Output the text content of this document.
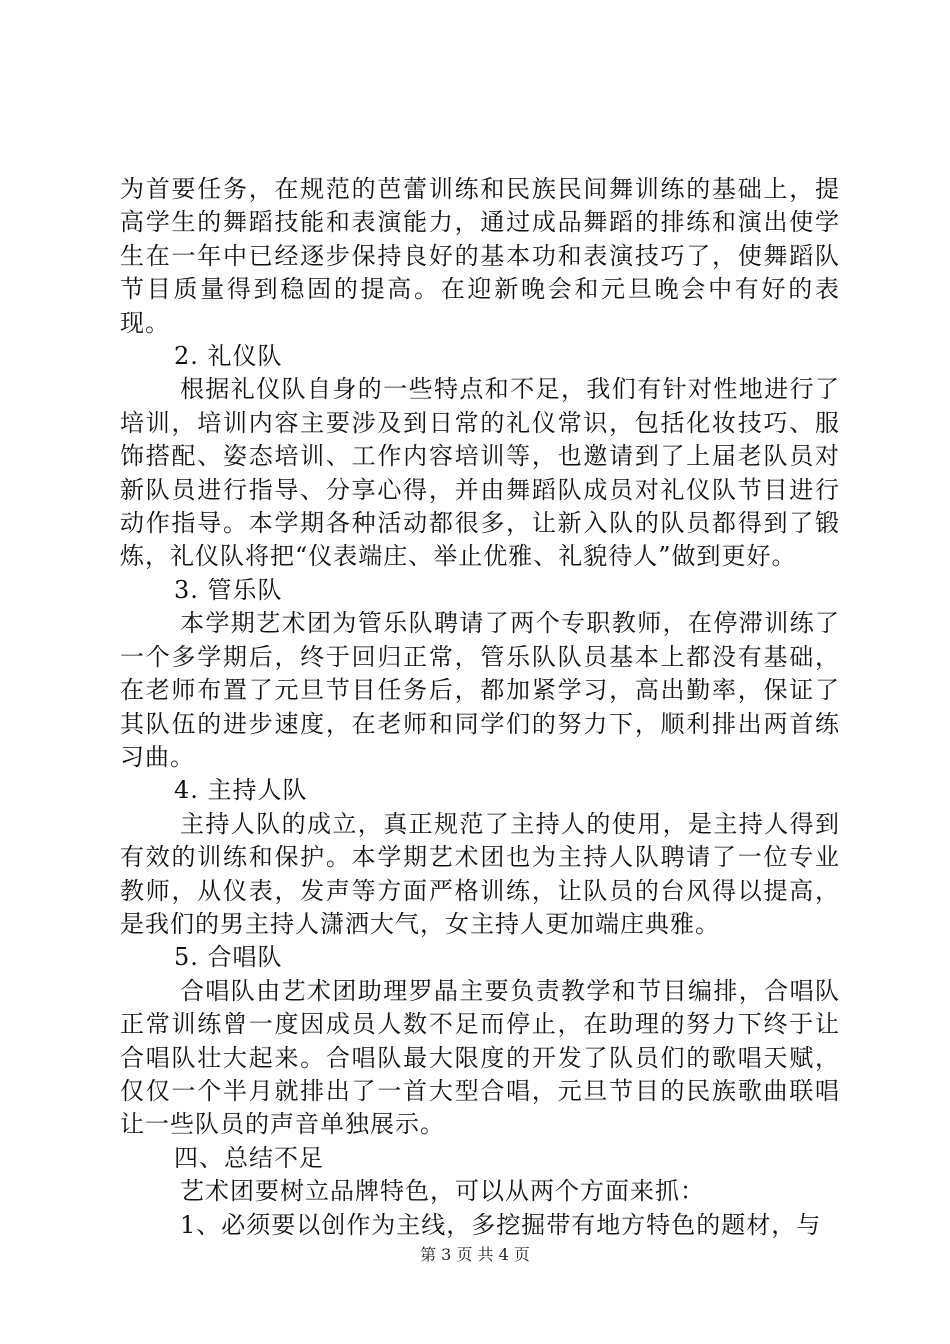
为首要任务，在规范的芭蕾训练和民族民间舞训练的基础上，提高学生的舞蹈技能和表演能力，通过成品舞蹈的排练和演出使学生在一年中已经逐步保持良好的基本功和表演技巧了，使舞蹈队节目质量得到稳固的提高。在迎新晚会和元旦晚会中有好的表现。

2. 礼仪队

根据礼仪队自身的一些特点和不足，我们有针对性地进行了培训，培训内容主要涉及到日常的礼仪常识，包括化妆技巧、服饰搭配、姿态培训、工作内容培训等，也邀请到了上届老队员对新队员进行指导、分享心得，并由舞蹈队成员对礼仪队节目进行动作指导。本学期各种活动都很多，让新入队的队员都得到了锻炼，礼仪队将把“仪表端庄、举止优雅、礼貌待人”做到更好。

3. 管乐队

本学期艺术团为管乐队聘请了两个专职教师，在停滞训练了一个多学期后，终于回归正常，管乐队队员基本上都没有基础，在老师布置了元旦节目任务后，都加紧学习，高出勤率，保证了其队伍的进步速度，在老师和同学们的努力下，顺利排出两首练习曲。

4. 主持人队

主持人队的成立，真正规范了主持人的使用，是主持人得到有效的训练和保护。本学期艺术团也为主持人队聘请了一位专业教师，从仪表，发声等方面严格训练，让队员的台风得以提高，是我们的男主持人潇洒大气，女主持人更加端庄典雅。

5. 合唱队

合唱队由艺术团助理罗晶主要负责教学和节目编排，合唱队正常训练曾一度因成员人数不足而停止，在助理的努力下终于让合唱队壮大起来。合唱队最大限度的开发了队员们的歌唱天赋，仅仅一个半月就排出了一首大型合唱，元旦节目的民族歌曲联唱让一些队员的声音单独展示。

四、总结不足

艺术团要树立品牌特色，可以从两个方面来抓：

1、必须要以创作为主线，多挖掘带有地方特色的题材，与

第 3 页 共 4 页
